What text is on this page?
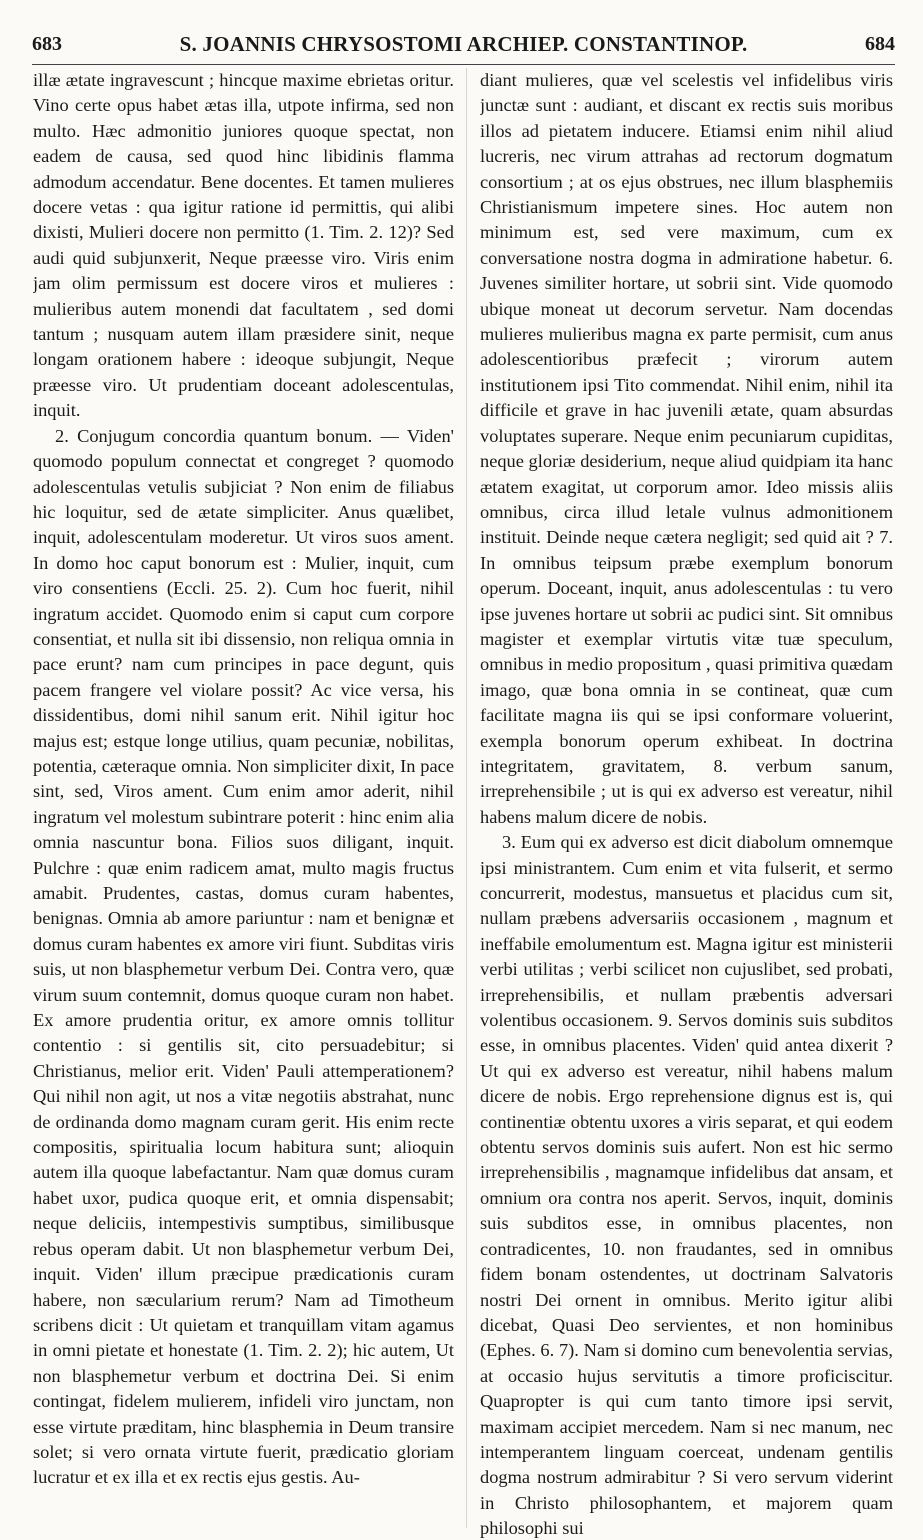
683	S. JOANNIS CHRYSOSTOMI ARCHIEP. CONSTANTINOP.	684

illæ ætate ingravescunt ; hincque maxime ebrietas oritur. Vino certe opus habet ætas illa, utpote infirma, sed non multo. Hæc admonitio juniores quoque spectat, non eadem de causa, sed quod hinc libidinis flamma admodum accendatur. Bene docentes. Et tamen mulieres docere vetas : qua igitur ratione id permittis, qui alibi dixisti, Mulieri docere non permitto (1. Tim. 2. 12)? Sed audi quid subjunxerit, Neque præesse viro. Viris enim jam olim permissum est docere viros et mulieres : mulieribus autem monendi dat facultatem , sed domi tantum ; nusquam autem illam præsidere sinit, neque longam orationem habere : ideoque subjungit, Neque præesse viro. Ut prudentiam doceant adolescentulas, inquit.

2. Conjugum concordia quantum bonum. — Viden' quomodo populum connectat et congreget ? quomodo adolescentulas vetulis subjiciat ? Non enim de filiabus hic loquitur, sed de ætate simpliciter. Anus quælibet, inquit, adolescentulam moderetur. Ut viros suos ament. In domo hoc caput bonorum est : Mulier, inquit, cum viro consentiens (Eccli. 25. 2). Cum hoc fuerit, nihil ingratum accidet. Quomodo enim si caput cum corpore consentiat, et nulla sit ibi dissensio, non reliqua omnia in pace erunt? nam cum principes in pace degunt, quis pacem frangere vel violare possit? Ac vice versa, his dissidentibus, domi nihil sanum erit. Nihil igitur hoc majus est; estque longe utilius, quam pecuniæ, nobilitas, potentia, cæteraque omnia. Non simpliciter dixit, In pace sint, sed, Viros ament. Cum enim amor aderit, nihil ingratum vel molestum subintrare poterit : hinc enim alia omnia nascuntur bona. Filios suos diligant, inquit. Pulchre : quæ enim radicem amat, multo magis fructus amabit. Prudentes, castas, domus curam habentes, benignas. Omnia ab amore pariuntur : nam et benignæ et domus curam habentes ex amore viri fiunt. Subditas viris suis, ut non blasphemetur verbum Dei. Contra vero, quæ virum suum contemnit, domus quoque curam non habet. Ex amore prudentia oritur, ex amore omnis tollitur contentio : si gentilis sit, cito persuadebitur; si Christianus, melior erit. Viden' Pauli attemperationem? Qui nihil non agit, ut nos a vitæ negotiis abstrahat, nunc de ordinanda domo magnam curam gerit. His enim recte compositis, spiritualia locum habitura sunt; alioquin autem illa quoque labefactantur. Nam quæ domus curam habet uxor, pudica quoque erit, et omnia dispensabit; neque deliciis, intempestivis sumptibus, similibusque rebus operam dabit. Ut non blasphemetur verbum Dei, inquit. Viden' illum præcipue prædicationis curam habere, non sæcularium rerum? Nam ad Timotheum scribens dicit : Ut quietam et tranquillam vitam agamus in omni pietate et honestate (1. Tim. 2. 2); hic autem, Ut non blasphemetur verbum et doctrina Dei. Si enim contingat, fidelem mulierem, infideli viro junctam, non esse virtute præditam, hinc blasphemia in Deum transire solet; si vero ornata virtute fuerit, prædicatio gloriam lucratur et ex illa et ex rectis ejus gestis. Au-

diant mulieres, quæ vel scelestis vel infidelibus viris junctæ sunt : audiant, et discant ex rectis suis moribus illos ad pietatem inducere. Etiamsi enim nihil aliud lucreris, nec virum attrahas ad rectorum dogmatum consortium ; at os ejus obstrues, nec illum blasphemiis Christianismum impetere sines. Hoc autem non minimum est, sed vere maximum, cum ex conversatione nostra dogma in admiratione habetur. 6. Juvenes similiter hortare, ut sobrii sint. Vide quomodo ubique moneat ut decorum servetur. Nam docendas mulieres mulieribus magna ex parte permisit, cum anus adolescentioribus præfecit ; virorum autem institutionem ipsi Tito commendat. Nihil enim, nihil ita difficile et grave in hac juvenili ætate, quam absurdas voluptates superare. Neque enim pecuniarum cupiditas, neque gloriæ desiderium, neque aliud quidpiam ita hanc ætatem exagitat, ut corporum amor. Ideo missis aliis omnibus, circa illud letale vulnus admonitionem instituit. Deinde neque cætera negligit; sed quid ait ? 7. In omnibus teipsum præbe exemplum bonorum operum. Doceant, inquit, anus adolescentulas : tu vero ipse juvenes hortare ut sobrii ac pudici sint. Sit omnibus magister et exemplar virtutis vitæ tuæ speculum, omnibus in medio propositum , quasi primitiva quædam imago, quæ bona omnia in se contineat, quæ cum facilitate magna iis qui se ipsi conformare voluerint, exempla bonorum operum exhibeat. In doctrina integritatem, gravitatem, 8. verbum sanum, irreprehensibile ; ut is qui ex adverso est vereatur, nihil habens malum dicere de nobis.

3. Eum qui ex adverso est dicit diabolum omnemque ipsi ministrantem. Cum enim et vita fulserit, et sermo concurrerit, modestus, mansuetus et placidus cum sit, nullam præbens adversariis occasionem , magnum et ineffabile emolumentum est. Magna igitur est ministerii verbi utilitas ; verbi scilicet non cujuslibet, sed probati, irreprehensibilis, et nullam præbentis adversari volentibus occasionem. 9. Servos dominis suis subditos esse, in omnibus placentes. Viden' quid antea dixerit ? Ut qui ex adverso est vereatur, nihil habens malum dicere de nobis. Ergo reprehensione dignus est is, qui continentiæ obtentu uxores a viris separat, et qui eodem obtentu servos dominis suis aufert. Non est hic sermo irreprehensibilis , magnamque infidelibus dat ansam, et omnium ora contra nos aperit. Servos, inquit, dominis suis subditos esse, in omnibus placentes, non contradicentes, 10. non fraudantes, sed in omnibus fidem bonam ostendentes, ut doctrinam Salvatoris nostri Dei ornent in omnibus. Merito igitur alibi dicebat, Quasi Deo servientes, et non hominibus (Ephes. 6. 7). Nam si domino cum benevolentia servias, at occasio hujus servitutis a timore proficiscitur. Quapropter is qui cum tanto timore ipsi servit, maximam accipiet mercedem. Nam si nec manum, nec intemperantem linguam coerceat, undenam gentilis dogma nostrum admirabitur ? Si vero servum viderint in Christo philosophantem, et majorem quam philosophi sui
